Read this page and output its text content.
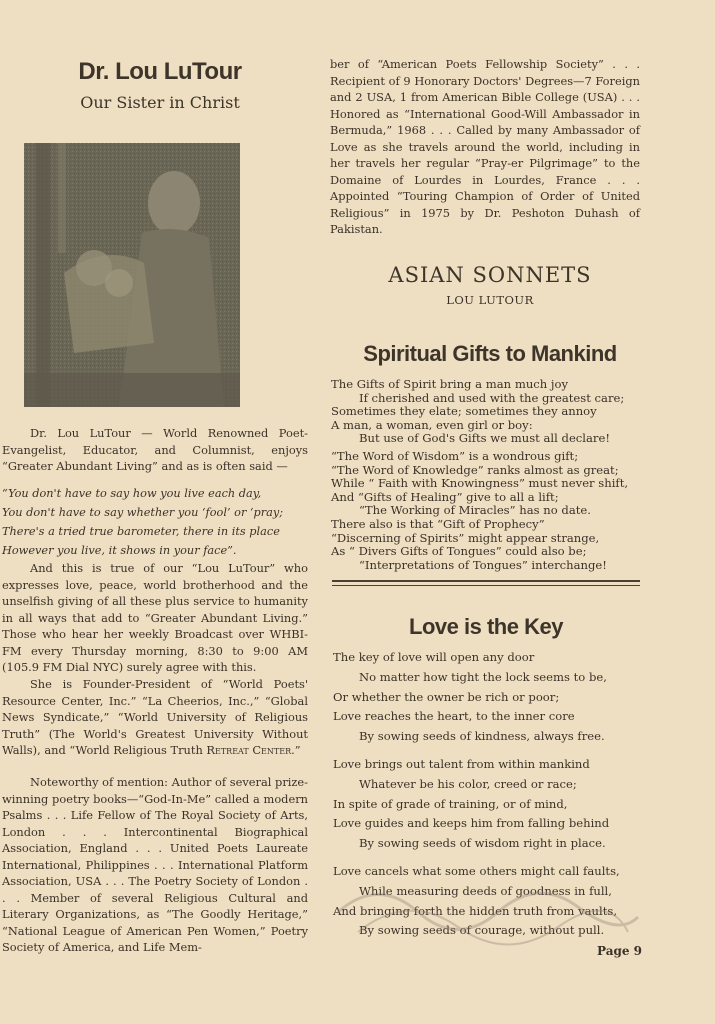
Dr. Lou LuTour
Our Sister in Christ

Dr. Lou LuTour — World Renowned Poet-Evangelist, Educator, and Columnist, enjoys “Greater Abundant Living” and as is often said —

“You don't have to say how you live each day,
You don't have to say whether you ‘fool’ or ‘pray;
There's a tried true barometer, there in its place
However you live, it shows in your face”.

And this is true of our “Lou LuTour” who expresses love, peace, world brotherhood and the unselfish giving of all these plus service to humanity in all ways that add to “Greater Abundant Living.” Those who hear her weekly Broadcast over WHBI-FM every Thursday morning, 8:30 to 9:00 AM (105.9 FM Dial NYC) surely agree with this.

She is Founder-President of “World Poets' Resource Center, Inc.” “La Cheerios, Inc.,” “Global News Syndicate,” “World University of Religious Truth” (The World's Greatest University Without Walls), and “World Religious Truth Retreat Center.”

Noteworthy of mention: Author of several prize-winning poetry books—“God-In-Me” called a modern Psalms . . . Life Fellow of The Royal Society of Arts, London . . . Intercontinental Biographical Association, England . . . United Poets Laureate International, Philippines . . . International Platform Association, USA . . . The Poetry Society of London . . . Member of several Religious Cultural and Literary Organizations, as “The Goodly Heritage,” “National League of American Pen Women,” Poetry Society of America, and Life Mem-

ber of “American Poets Fellowship Society” . . . Recipient of 9 Honorary Doctors' Degrees—7 Foreign and 2 USA, 1 from American Bible College (USA) . . . Honored as “International Good-Will Ambassador in Bermuda,” 1968 . . . Called by many Ambassador of Love as she travels around the world, including in her travels her regular “Pray-er Pilgrimage” to the Domaine of Lourdes in Lourdes, France . . . Appointed “Touring Champion of Order of United Religious” in 1975 by Dr. Peshoton Duhash of Pakistan.

ASIAN SONNETS
LOU LUTOUR
Spiritual Gifts to Mankind
The Gifts of Spirit bring a man much joy
If cherished and used with the greatest care;
Sometimes they elate; sometimes they annoy
A man, a woman, even girl or boy:
But use of God's Gifts we must all declare!
“The Word of Wisdom” is a wondrous gift;
“The Word of Knowledge” ranks almost as great;
While “ Faith with Knowingness” must never shift,
And “Gifts of Healing” give to all a lift;
“The Working of Miracles” has no date.
There also is that “Gift of Prophecy”
“Discerning of Spirits” might appear strange,
As “ Divers Gifts of Tongues” could also be;
“Interpretations of Tongues” interchange!
Love is the Key
The key of love will open any door
No matter how tight the lock seems to be,
Or whether the owner be rich or poor;
Love reaches the heart, to the inner core
By sowing seeds of kindness, always free.
Love brings out talent from within mankind
Whatever be his color, creed or race;
In spite of grade of training, or of mind,
Love guides and keeps him from falling behind
By sowing seeds of wisdom right in place.
Love cancels what some others might call faults,
While measuring deeds of goodness in full,
And bringing forth the hidden truth from vaults,
By sowing seeds of courage, without pull.
Page 9
